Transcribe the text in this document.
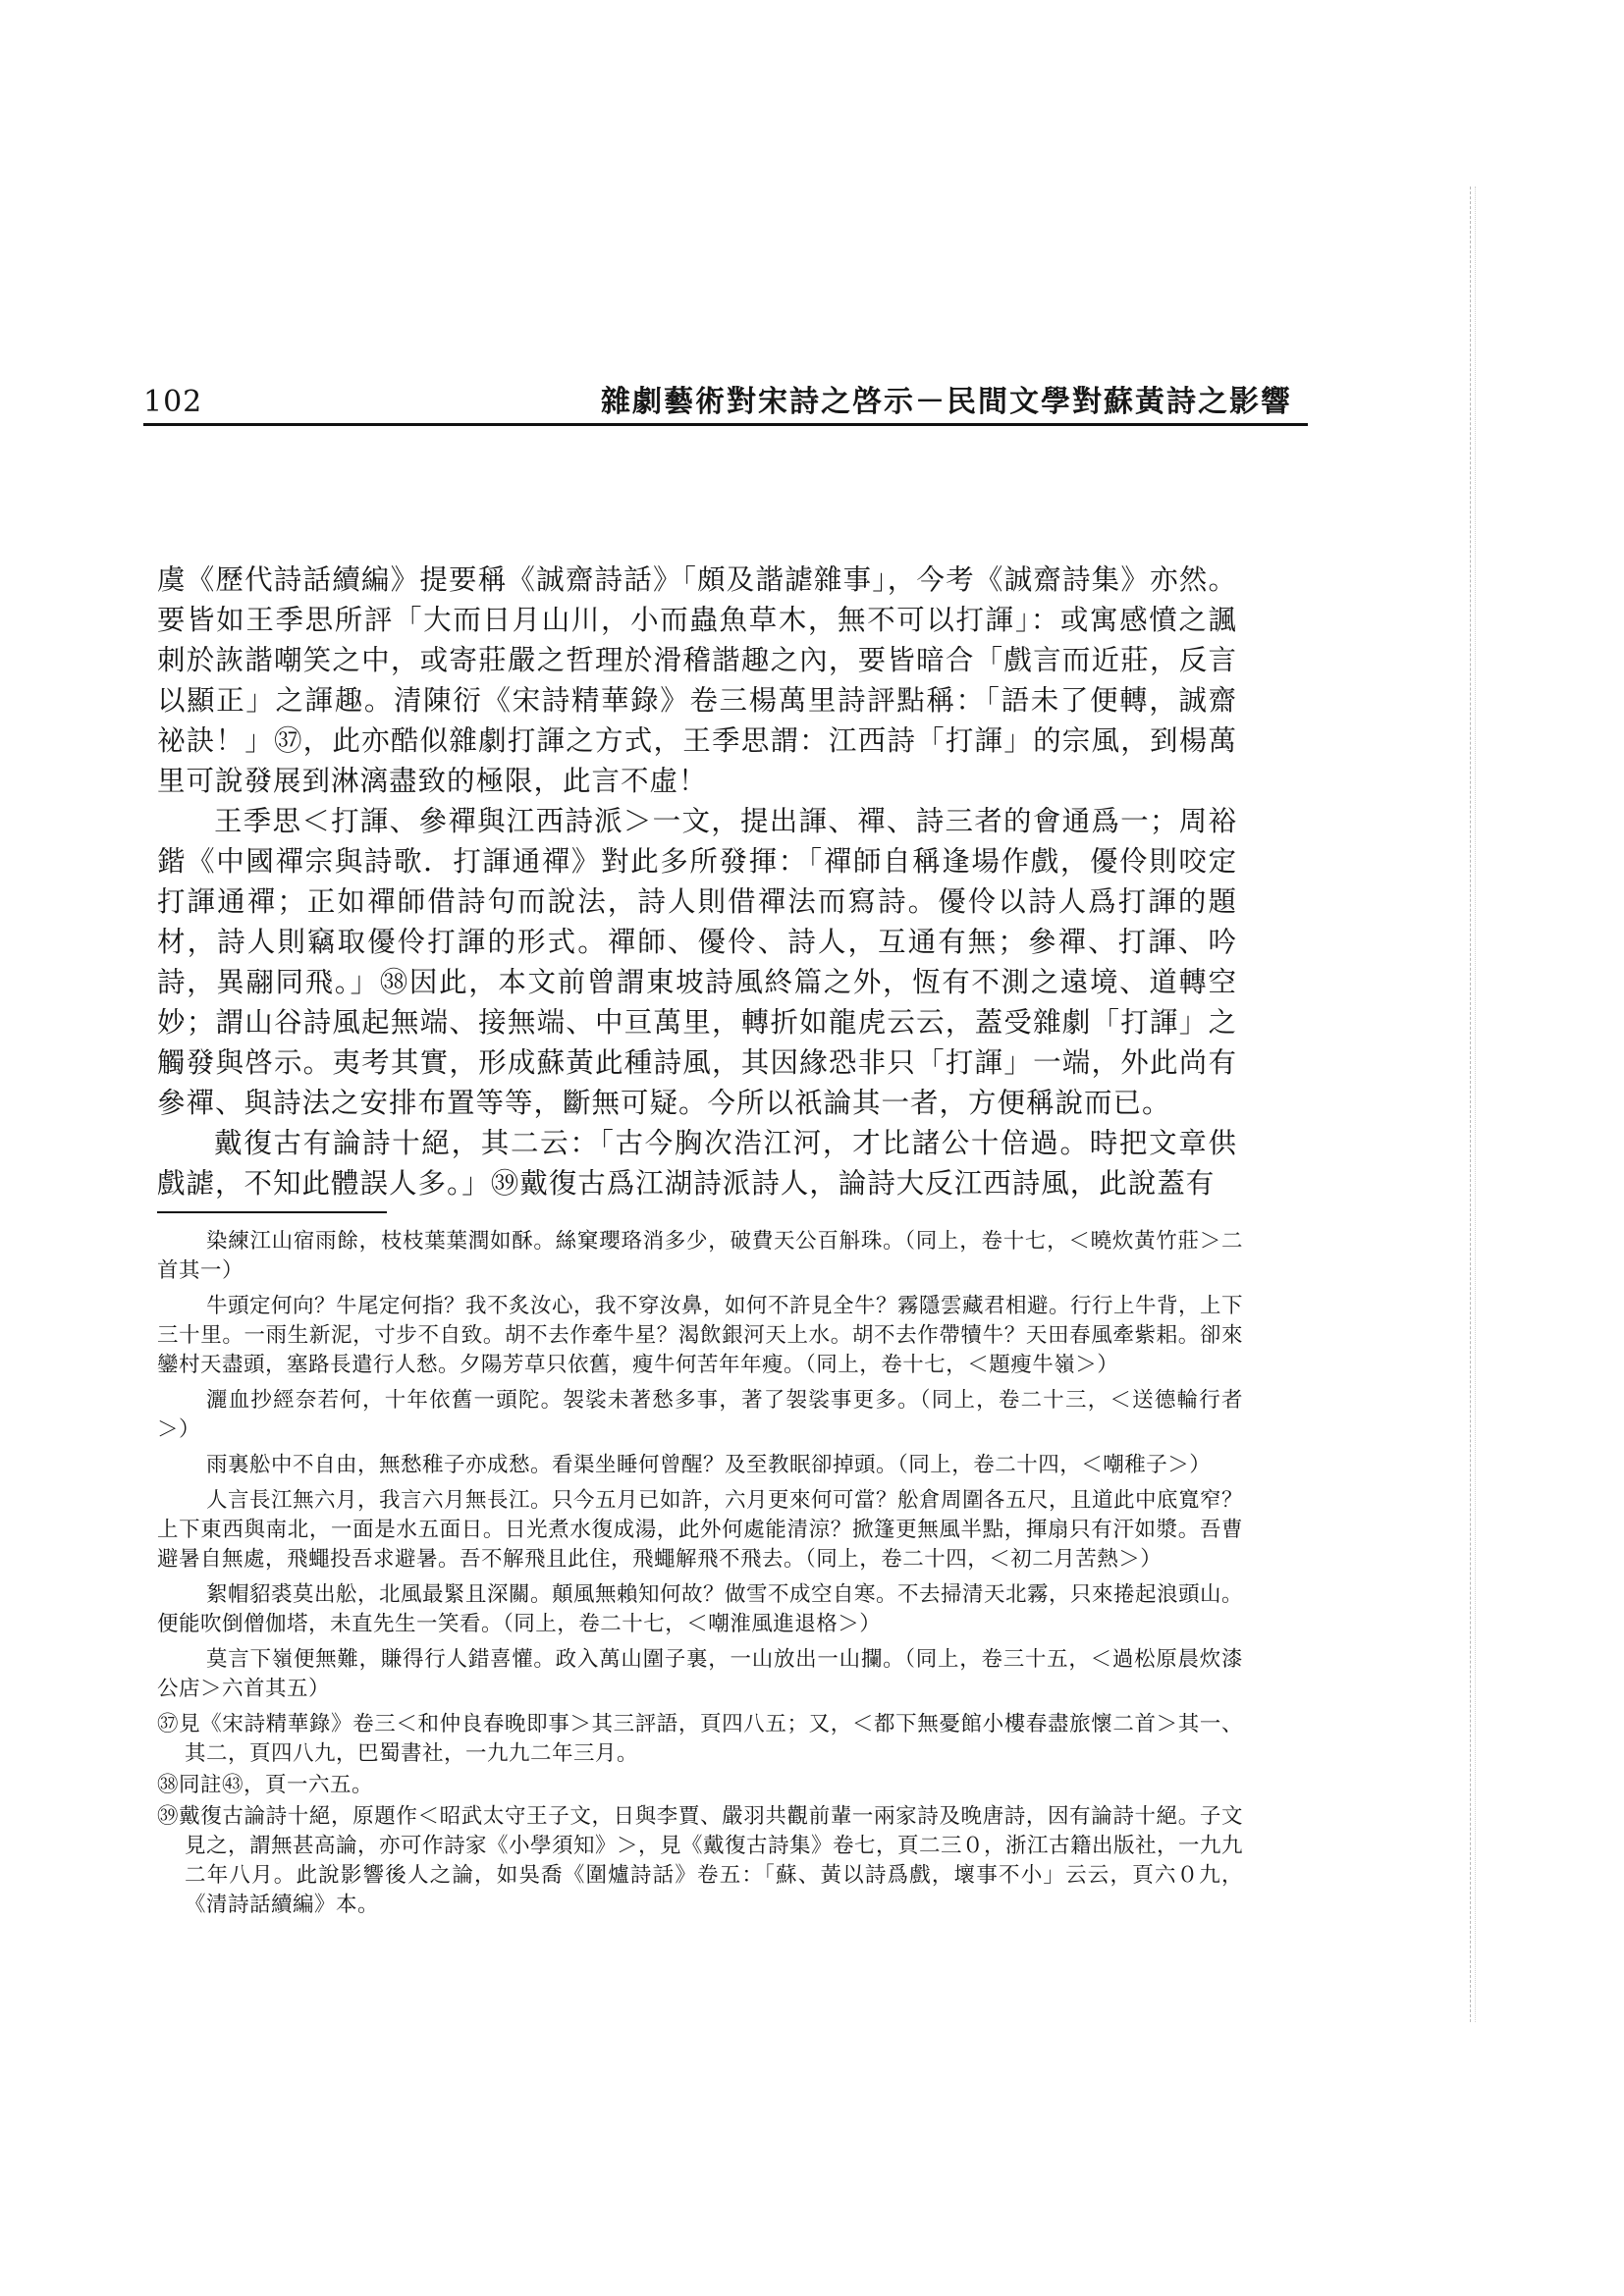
102	雜劇藝術對宋詩之啓示－民間文學對蘇黃詩之影響

虞《歷代詩話續編》提要稱《誠齋詩話》「頗及諧謔雜事」，今考《誠齋詩集》亦然。要皆如王季思所評「大而日月山川，小而蟲魚草木，無不可以打諢」：或寓感憤之諷刺於詼諧嘲笑之中，或寄莊嚴之哲理於滑稽諧趣之內，要皆暗合「戲言而近莊，反言以顯正」之諢趣。清陳衍《宋詩精華錄》卷三楊萬里詩評點稱：「語未了便轉，誠齋祕訣！」㊲，此亦酷似雜劇打諢之方式，王季思謂：江西詩「打諢」的宗風，到楊萬里可說發展到淋漓盡致的極限，此言不虛！

王季思＜打諢、參禪與江西詩派＞一文，提出諢、禪、詩三者的會通爲一；周裕鍇《中國禪宗與詩歌．打諢通禪》對此多所發揮：「禪師自稱逢場作戲，優伶則咬定打諢通禪；正如禪師借詩句而說法，詩人則借禪法而寫詩。優伶以詩人爲打諢的題材，詩人則竊取優伶打諢的形式。禪師、優伶、詩人，互通有無；參禪、打諢、吟詩，異翮同飛。」㊳因此，本文前曾謂東坡詩風終篇之外，恆有不測之遠境、道轉空妙；謂山谷詩風起無端、接無端、中亘萬里，轉折如龍虎云云，蓋受雜劇「打諢」之觸發與啓示。夷考其實，形成蘇黃此種詩風，其因緣恐非只「打諢」一端，外此尚有參禪、與詩法之安排布置等等，斷無可疑。今所以祇論其一者，方便稱說而已。

戴復古有論詩十絕，其二云：「古今胸次浩江河，才比諸公十倍過。時把文章供戲謔，不知此體誤人多。」㊴戴復古爲江湖詩派詩人，論詩大反江西詩風，此說蓋有

染練江山宿雨餘，枝枝葉葉潤如酥。絲窠瓔珞消多少，破費天公百斛珠。（同上，卷十七，＜曉炊黃竹莊＞二首其一）

牛頭定何向？牛尾定何指？我不炙汝心，我不穿汝鼻，如何不許見全牛？霧隱雲藏君相避。行行上牛背，上下三十里。一雨生新泥，寸步不自致。胡不去作牽牛星？渴飲銀河天上水。胡不去作帶犢牛？天田春風牽紫耜。卻來鑾村天盡頭，塞路長遣行人愁。夕陽芳草只依舊，瘦牛何苦年年瘦。（同上，卷十七，＜題瘦牛嶺＞）

灑血抄經奈若何，十年依舊一頭陀。袈裟未著愁多事，著了袈裟事更多。（同上，卷二十三，＜送德輪行者＞）

雨裏舩中不自由，無愁稚子亦成愁。看渠坐睡何曾醒？及至教眠卻掉頭。（同上，卷二十四，＜嘲稚子＞）

人言長江無六月，我言六月無長江。只今五月已如許，六月更來何可當？舩倉周圍各五尺，且道此中底寬窄？上下東西與南北，一面是水五面日。日光煮水復成湯，此外何處能清涼？掀篷更無風半點，揮扇只有汗如漿。吾曹避暑自無處，飛蠅投吾求避暑。吾不解飛且此住，飛蠅解飛不飛去。（同上，卷二十四，＜初二月苦熱＞）

絮帽貂裘莫出舩，北風最緊且深關。顛風無賴知何故？做雪不成空自寒。不去掃清天北霧，只來捲起浪頭山。便能吹倒僧伽塔，未直先生一笑看。（同上，卷二十七，＜嘲淮風進退格＞）

莫言下嶺便無難，賺得行人錯喜懽。政入萬山圍子裏，一山放出一山攔。（同上，卷三十五，＜過松原晨炊漆公店＞六首其五）

㊲見《宋詩精華錄》卷三＜和仲良春晚即事＞其三評語，頁四八五；又，＜都下無憂館小樓春盡旅懷二首＞其一、其二，頁四八九，巴蜀書社，一九九二年三月。

㊳同註㊸，頁一六五。

㊴戴復古論詩十絕，原題作＜昭武太守王子文，日與李賈、嚴羽共觀前輩一兩家詩及晚唐詩，因有論詩十絕。子文見之，謂無甚高論，亦可作詩家《小學須知》＞，見《戴復古詩集》卷七，頁二三０，浙江古籍出版社，一九九二年八月。此說影響後人之論，如吳喬《圍爐詩話》卷五：「蘇、黃以詩爲戲，壞事不小」云云，頁六０九，《清詩話續編》本。
